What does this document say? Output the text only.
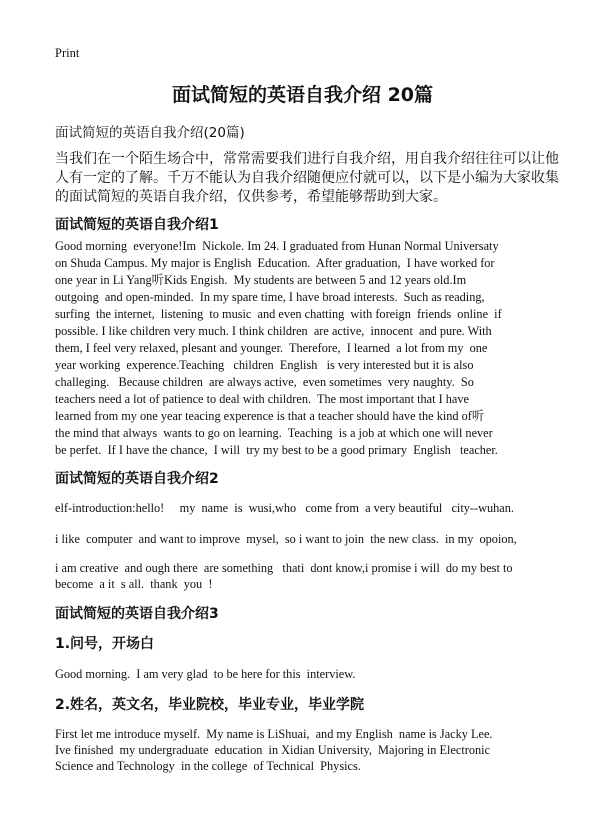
Print
面试简短的英语自我介绍 20篇
面试简短的英语自我介绍(20篇)
当我们在一个陌生场合中，常常需要我们进行自我介绍，用自我介绍往往可以让他
人有一定的了解。千万不能认为自我介绍随便应付就可以，以下是小编为大家收集
的面试简短的英语自我介绍，仅供参考，希望能够帮助到大家。
面试简短的英语自我介绍1
Good morning  everyone!Im  Nickole. Im 24. I graduated from Hunan Normal Universaty
on Shuda Campus. My major is English  Education.  After graduation,  I have worked for
one year in Li Yang听Kids Engish.  My students are between 5 and 12 years old.Im
outgoing  and open-minded.  In my spare time, I have broad interests.  Such as reading,
surfing  the internet,  listening  to music  and even chatting  with foreign  friends  online  if
possible. I like children very much. I think children  are active,  innocent  and pure. With
them, I feel very relaxed, plesant and younger.  Therefore,  I learned  a lot from my  one
year working  experence.Teaching   children  English   is very interested but it is also
challeging.   Because children  are always active,  even sometimes  very naughty.  So
teachers need a lot of patience to deal with children.  The most important that I have
learned from my one year teacing experence is that a teacher should have the kind of听
the mind that always  wants to go on learning.  Teaching  is a job at which one will never
be perfet.  If I have the chance,  I will  try my best to be a good primary  English   teacher.
面试简短的英语自我介绍2
elf-introduction:hello!     my  name  is  wusi,who   come from  a very beautiful   city--wuhan.
i like  computer  and want to improve  mysel,  so i want to join  the new class.  in my  opoion,
i am creative  and ough there  are something   thati  dont know,i promise i will  do my best to
become  a it  s all.  thank  you  !
面试简短的英语自我介绍3
1.问号，开场白
Good morning.  I am very glad  to be here for this  interview.
2.姓名，英文名，毕业院校，毕业专业，毕业学院
First let me introduce myself.  My name is LiShuai,  and my English  name is Jacky Lee.
Ive finished  my undergraduate  education  in Xidian University,  Majoring in Electronic
Science and Technology  in the college  of Technical  Physics.
